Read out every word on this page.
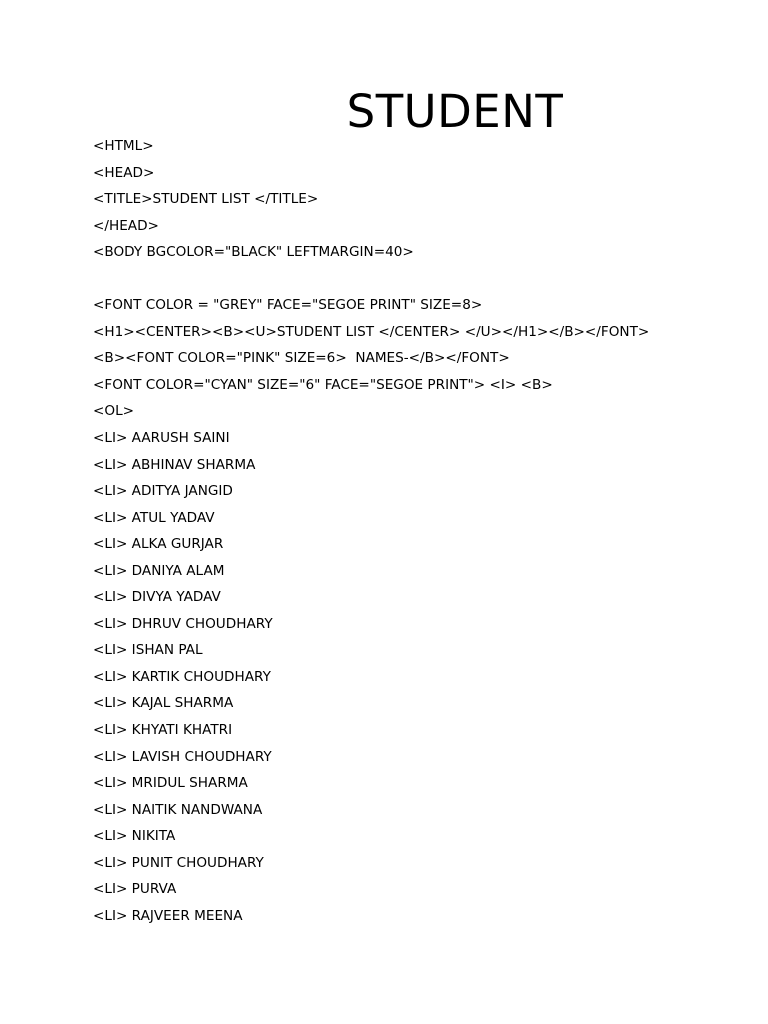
STUDENT
<HTML>
<HEAD>
<TITLE>STUDENT LIST </TITLE>
</HEAD>
<BODY BGCOLOR="BLACK" LEFTMARGIN=40>
<FONT COLOR = "GREY" FACE="SEGOE PRINT" SIZE=8>
<H1><CENTER><B><U>STUDENT LIST </CENTER> </U></H1></B></FONT>
<B><FONT COLOR="PINK" SIZE=6>  NAMES-</B></FONT>
<FONT COLOR="CYAN" SIZE="6" FACE="SEGOE PRINT"> <I> <B>
<OL>
<LI> AARUSH SAINI
<LI> ABHINAV SHARMA
<LI> ADITYA JANGID
<LI> ATUL YADAV
<LI> ALKA GURJAR
<LI> DANIYA ALAM
<LI> DIVYA YADAV
<LI> DHRUV CHOUDHARY
<LI> ISHAN PAL
<LI> KARTIK CHOUDHARY
<LI> KAJAL SHARMA
<LI> KHYATI KHATRI
<LI> LAVISH CHOUDHARY
<LI> MRIDUL SHARMA
<LI> NAITIK NANDWANA
<LI> NIKITA
<LI> PUNIT CHOUDHARY
<LI> PURVA
<LI> RAJVEER MEENA
